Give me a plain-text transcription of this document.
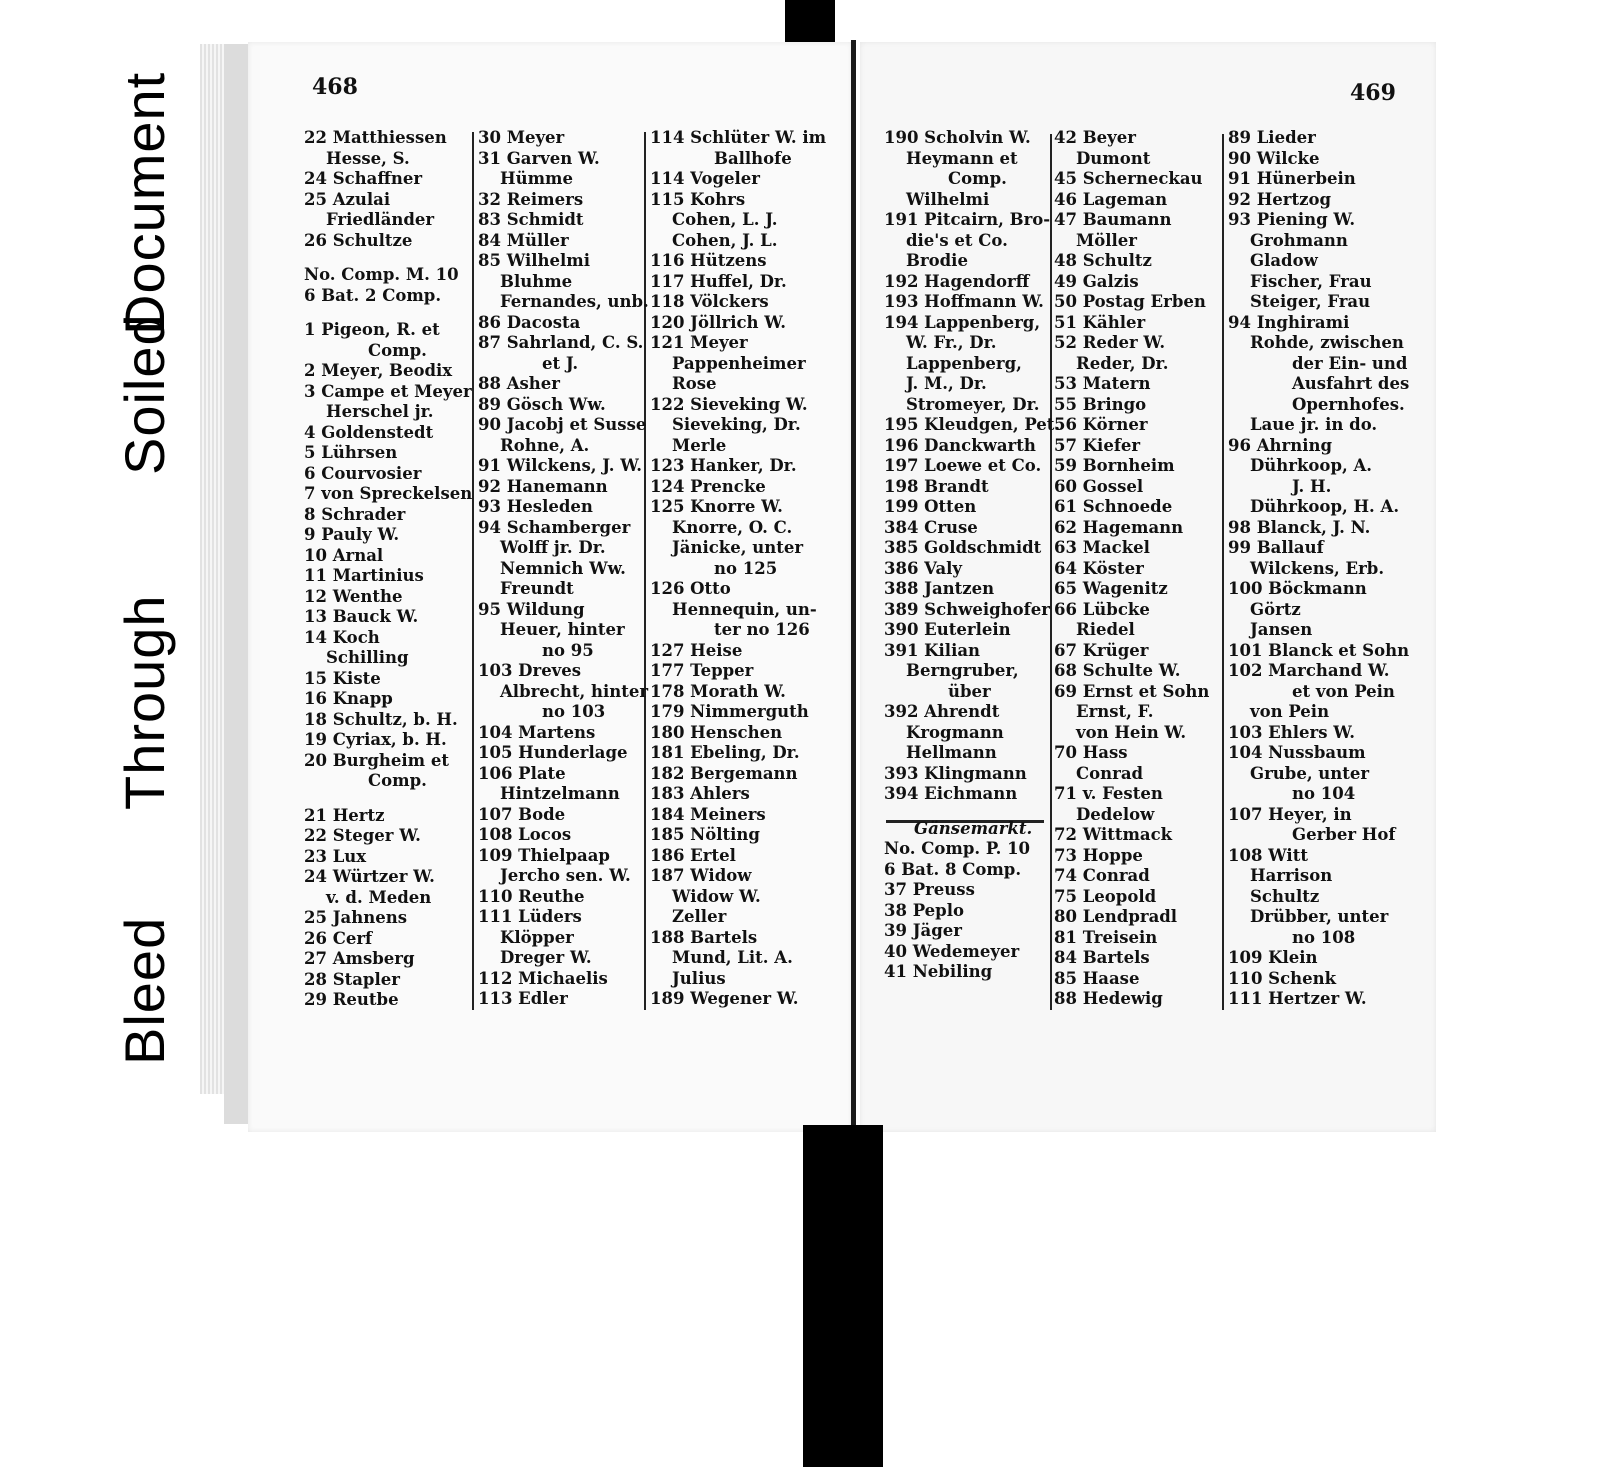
Bleed
Through
Soiled
Document	468	469
22 Matthiessen
Hesse, S.
24 Schaffner
25 Azulai
Friedländer
26 Schultze
No. Comp. M. 10
6 Bat. 2 Comp.
1 Pigeon, R. et
Comp.
2 Meyer, Beodix
3 Campe et Meyer
Herschel jr.
4 Goldenstedt
5 Lührsen
6 Courvosier
7 von Spreckelsen
8 Schrader
9 Pauly W.
10 Arnal
11 Martinius
12 Wenthe
13 Bauck W.
14 Koch
Schilling
15 Kiste
16 Knapp
18 Schultz, b. H.
19 Cyriax, b. H.
20 Burgheim et
Comp.
21 Hertz
22 Steger W.
23 Lux
24 Würtzer W.
v. d. Meden
25 Jahnens
26 Cerf
27 Amsberg
28 Stapler
29 Reutbe
30 Meyer
31 Garven W.
Hümme
32 Reimers
83 Schmidt
84 Müller
85 Wilhelmi
Bluhme
Fernandes, unb.
86 Dacosta
87 Sahrland, C. S.
et J.
88 Asher
89 Gösch Ww.
90 Jacobj et Susse
Rohne, A.
91 Wilckens, J. W.
92 Hanemann
93 Hesleden
94 Schamberger
Wolff jr. Dr.
Nemnich Ww.
Freundt
95 Wildung
Heuer, hinter
no 95
103 Dreves
Albrecht, hinter
no 103
104 Martens
105 Hunderlage
106 Plate
Hintzelmann
107 Bode
108 Locos
109 Thielpaap
Jercho sen. W.
110 Reuthe
111 Lüders
Klöpper
Dreger W.
112 Michaelis
113 Edler
114 Schlüter W. im
Ballhofe
114 Vogeler
115 Kohrs
Cohen, L. J.
Cohen, J. L.
116 Hützens
117 Huffel, Dr.
118 Völckers
120 Jöllrich W.
121 Meyer
Pappenheimer
Rose
122 Sieveking W.
Sieveking, Dr.
Merle
123 Hanker, Dr.
124 Prencke
125 Knorre W.
Knorre, O. C.
Jänicke, unter
no 125
126 Otto
Hennequin, un-
ter no 126
127 Heise
177 Tepper
178 Morath W.
179 Nimmerguth
180 Henschen
181 Ebeling, Dr.
182 Bergemann
183 Ahlers
184 Meiners
185 Nölting
186 Ertel
187 Widow
Widow W.
Zeller
188 Bartels
Mund, Lit. A.
Julius
189 Wegener W.
190 Scholvin W.
Heymann et
Comp.
Wilhelmi
191 Pitcairn, Bro-
die's et Co.
Brodie
192 Hagendorff
193 Hoffmann W.
194 Lappenberg,
W. Fr., Dr.
Lappenberg,
J. M., Dr.
Stromeyer, Dr.
195 Kleudgen, Pet.
196 Danckwarth
197 Loewe et Co.
198 Brandt
199 Otten
384 Cruse
385 Goldschmidt
386 Valy
388 Jantzen
389 Schweighofer
390 Euterlein
391 Kilian
Berngruber,
über
392 Ahrendt
Krogmann
Hellmann
393 Klingmann
394 Eichmann
Gänsemarkt.
No. Comp. P. 10
6 Bat. 8 Comp.
37 Preuss
38 Peplo
39 Jäger
40 Wedemeyer
41 Nebiling
42 Beyer
Dumont
45 Scherneckau
46 Lageman
47 Baumann
Möller
48 Schultz
49 Galzis
50 Postag Erben
51 Kähler
52 Reder W.
Reder, Dr.
53 Matern
55 Bringo
56 Körner
57 Kiefer
59 Bornheim
60 Gossel
61 Schnoede
62 Hagemann
63 Mackel
64 Köster
65 Wagenitz
66 Lübcke
Riedel
67 Krüger
68 Schulte W.
69 Ernst et Sohn
Ernst, F.
von Hein W.
70 Hass
Conrad
71 v. Festen
Dedelow
72 Wittmack
73 Hoppe
74 Conrad
75 Leopold
80 Lendpradl
81 Treisein
84 Bartels
85 Haase
88 Hedewig
89 Lieder
90 Wilcke
91 Hünerbein
92 Hertzog
93 Piening W.
Grohmann
Gladow
Fischer, Frau
Steiger, Frau
94 Inghirami
Rohde, zwischen
der Ein- und
Ausfahrt des
Opernhofes.
Laue jr. in do.
96 Ahrning
Dührkoop, A.
J. H.
Dührkoop, H. A.
98 Blanck, J. N.
99 Ballauf
Wilckens, Erb.
100 Böckmann
Görtz
Jansen
101 Blanck et Sohn
102 Marchand W.
et von Pein
von Pein
103 Ehlers W.
104 Nussbaum
Grube, unter
no 104
107 Heyer, in
Gerber Hof
108 Witt
Harrison
Schultz
Drübber, unter
no 108
109 Klein
110 Schenk
111 Hertzer W.
